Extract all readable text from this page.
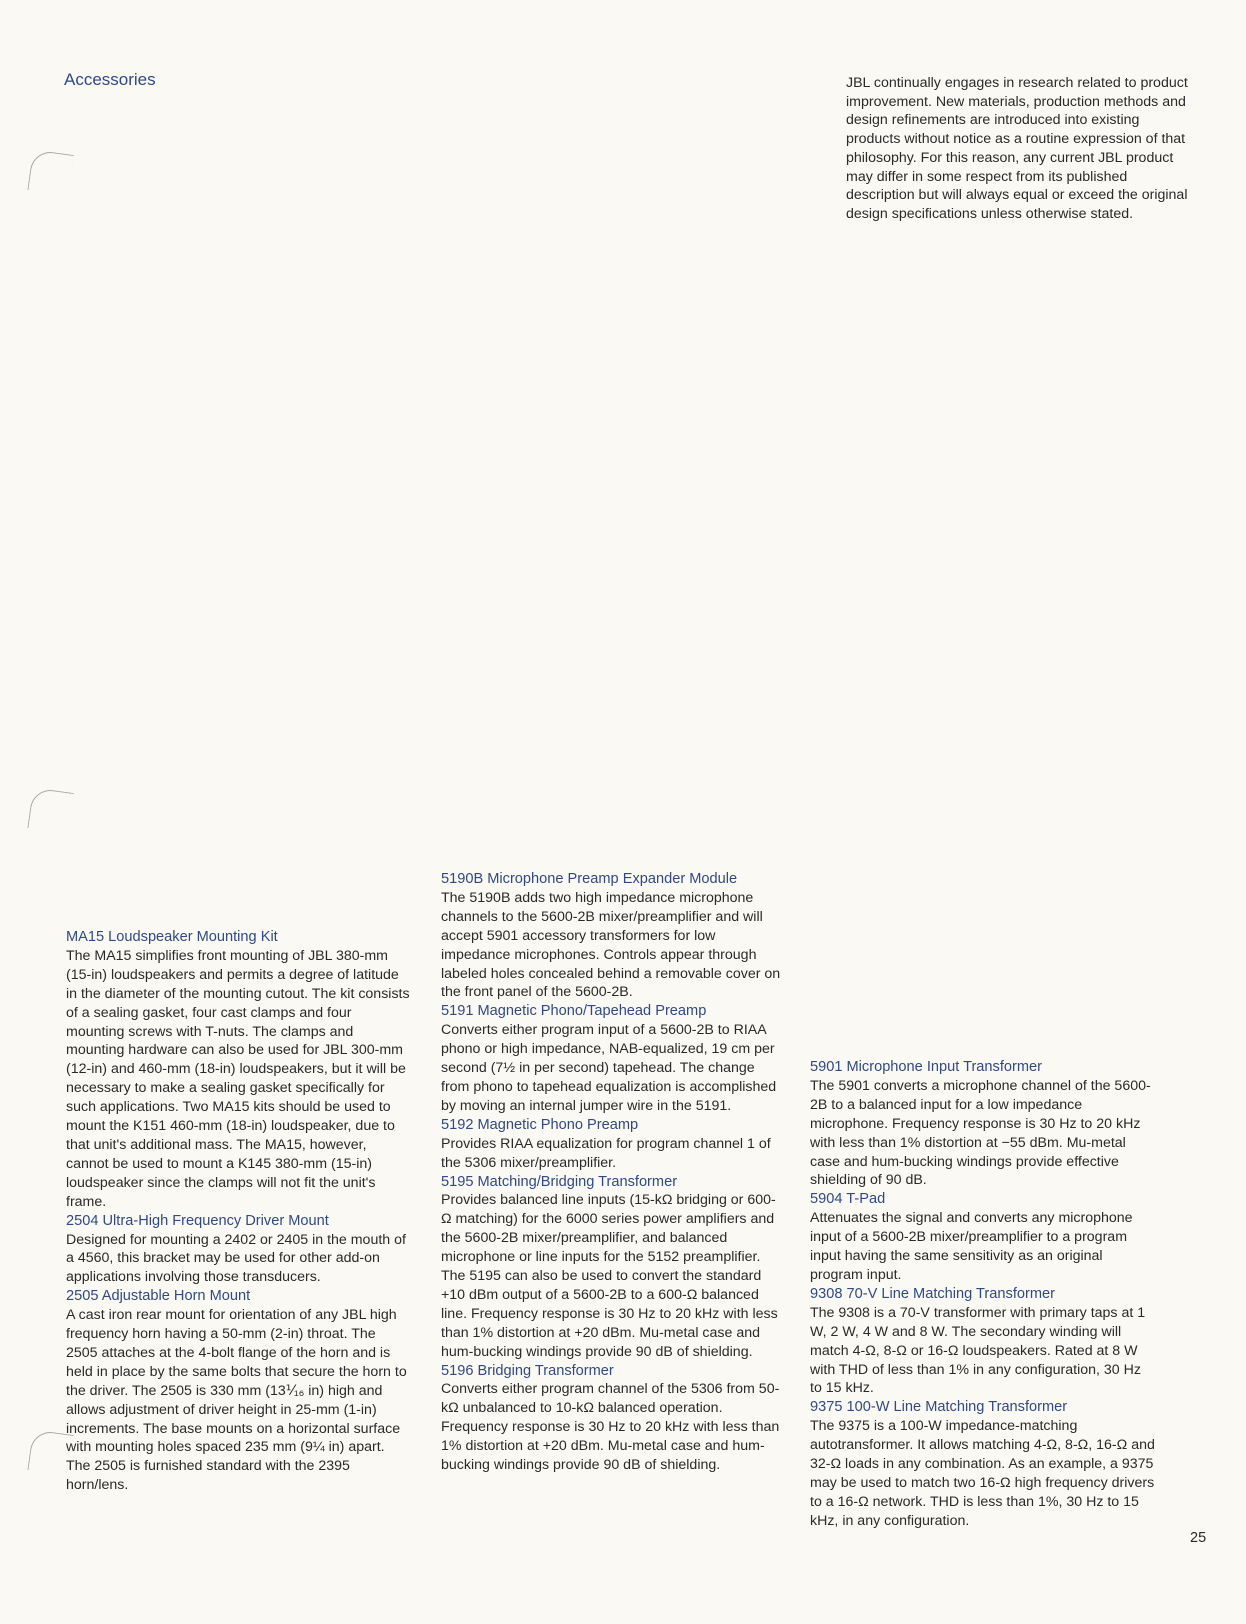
Accessories	JBL continually engages in research related to product improvement. New materials, production methods and design refinements are introduced into existing products without notice as a routine expression of that philosophy. For this reason, any current JBL product may differ in some respect from its published description but will always equal or exceed the original design specifications unless otherwise stated.

MA15 Loudspeaker Mounting Kit

The MA15 simplifies front mounting of JBL 380-mm (15-in) loudspeakers and permits a degree of latitude in the diameter of the mounting cutout. The kit consists of a sealing gasket, four cast clamps and four mounting screws with T-nuts. The clamps and mounting hardware can also be used for JBL 300-mm (12-in) and 460-mm (18-in) loudspeakers, but it will be necessary to make a sealing gasket specifically for such applications. Two MA15 kits should be used to mount the K151 460-mm (18-in) loudspeaker, due to that unit's additional mass. The MA15, however, cannot be used to mount a K145 380-mm (15-in) loudspeaker since the clamps will not fit the unit's frame.

2504 Ultra-High Frequency Driver Mount

Designed for mounting a 2402 or 2405 in the mouth of a 4560, this bracket may be used for other add-on applications involving those transducers.

2505 Adjustable Horn Mount

A cast iron rear mount for orientation of any JBL high frequency horn having a 50-mm (2-in) throat. The 2505 attaches at the 4-bolt flange of the horn and is held in place by the same bolts that secure the horn to the driver. The 2505 is 330 mm (13⅟₁₆ in) high and allows adjustment of driver height in 25-mm (1-in) increments. The base mounts on a horizontal surface with mounting holes spaced 235 mm (9¼ in) apart. The 2505 is furnished standard with the 2395 horn/lens.

5190B Microphone Preamp Expander Module

The 5190B adds two high impedance microphone channels to the 5600-2B mixer/preamplifier and will accept 5901 accessory transformers for low impedance microphones. Controls appear through labeled holes concealed behind a removable cover on the front panel of the 5600-2B.

5191 Magnetic Phono/Tapehead Preamp

Converts either program input of a 5600-2B to RIAA phono or high impedance, NAB-equalized, 19 cm per second (7½ in per second) tapehead. The change from phono to tapehead equalization is accomplished by moving an internal jumper wire in the 5191.

5192 Magnetic Phono Preamp

Provides RIAA equalization for program channel 1 of the 5306 mixer/preamplifier.

5195 Matching/Bridging Transformer

Provides balanced line inputs (15-kΩ bridging or 600-Ω matching) for the 6000 series power amplifiers and the 5600-2B mixer/preamplifier, and balanced microphone or line inputs for the 5152 preamplifier. The 5195 can also be used to convert the standard +10 dBm output of a 5600-2B to a 600-Ω balanced line. Frequency response is 30 Hz to 20 kHz with less than 1% distortion at +20 dBm. Mu-metal case and hum-bucking windings provide 90 dB of shielding.

5196 Bridging Transformer

Converts either program channel of the 5306 from 50-kΩ unbalanced to 10-kΩ balanced operation. Frequency response is 30 Hz to 20 kHz with less than 1% distortion at +20 dBm. Mu-metal case and hum-bucking windings provide 90 dB of shielding.

5901 Microphone Input Transformer

The 5901 converts a microphone channel of the 5600-2B to a balanced input for a low impedance microphone. Frequency response is 30 Hz to 20 kHz with less than 1% distortion at −55 dBm. Mu-metal case and hum-bucking windings provide effective shielding of 90 dB.

5904 T-Pad

Attenuates the signal and converts any microphone input of a 5600-2B mixer/preamplifier to a program input having the same sensitivity as an original program input.

9308 70-V Line Matching Transformer

The 9308 is a 70-V transformer with primary taps at 1 W, 2 W, 4 W and 8 W. The secondary winding will match 4-Ω, 8-Ω or 16-Ω loudspeakers. Rated at 8 W with THD of less than 1% in any configuration, 30 Hz to 15 kHz.

9375 100-W Line Matching Transformer

The 9375 is a 100-W impedance-matching autotransformer. It allows matching 4-Ω, 8-Ω, 16-Ω and 32-Ω loads in any combination. As an example, a 9375 may be used to match two 16-Ω high frequency drivers to a 16-Ω network. THD is less than 1%, 30 Hz to 15 kHz, in any configuration.

25
